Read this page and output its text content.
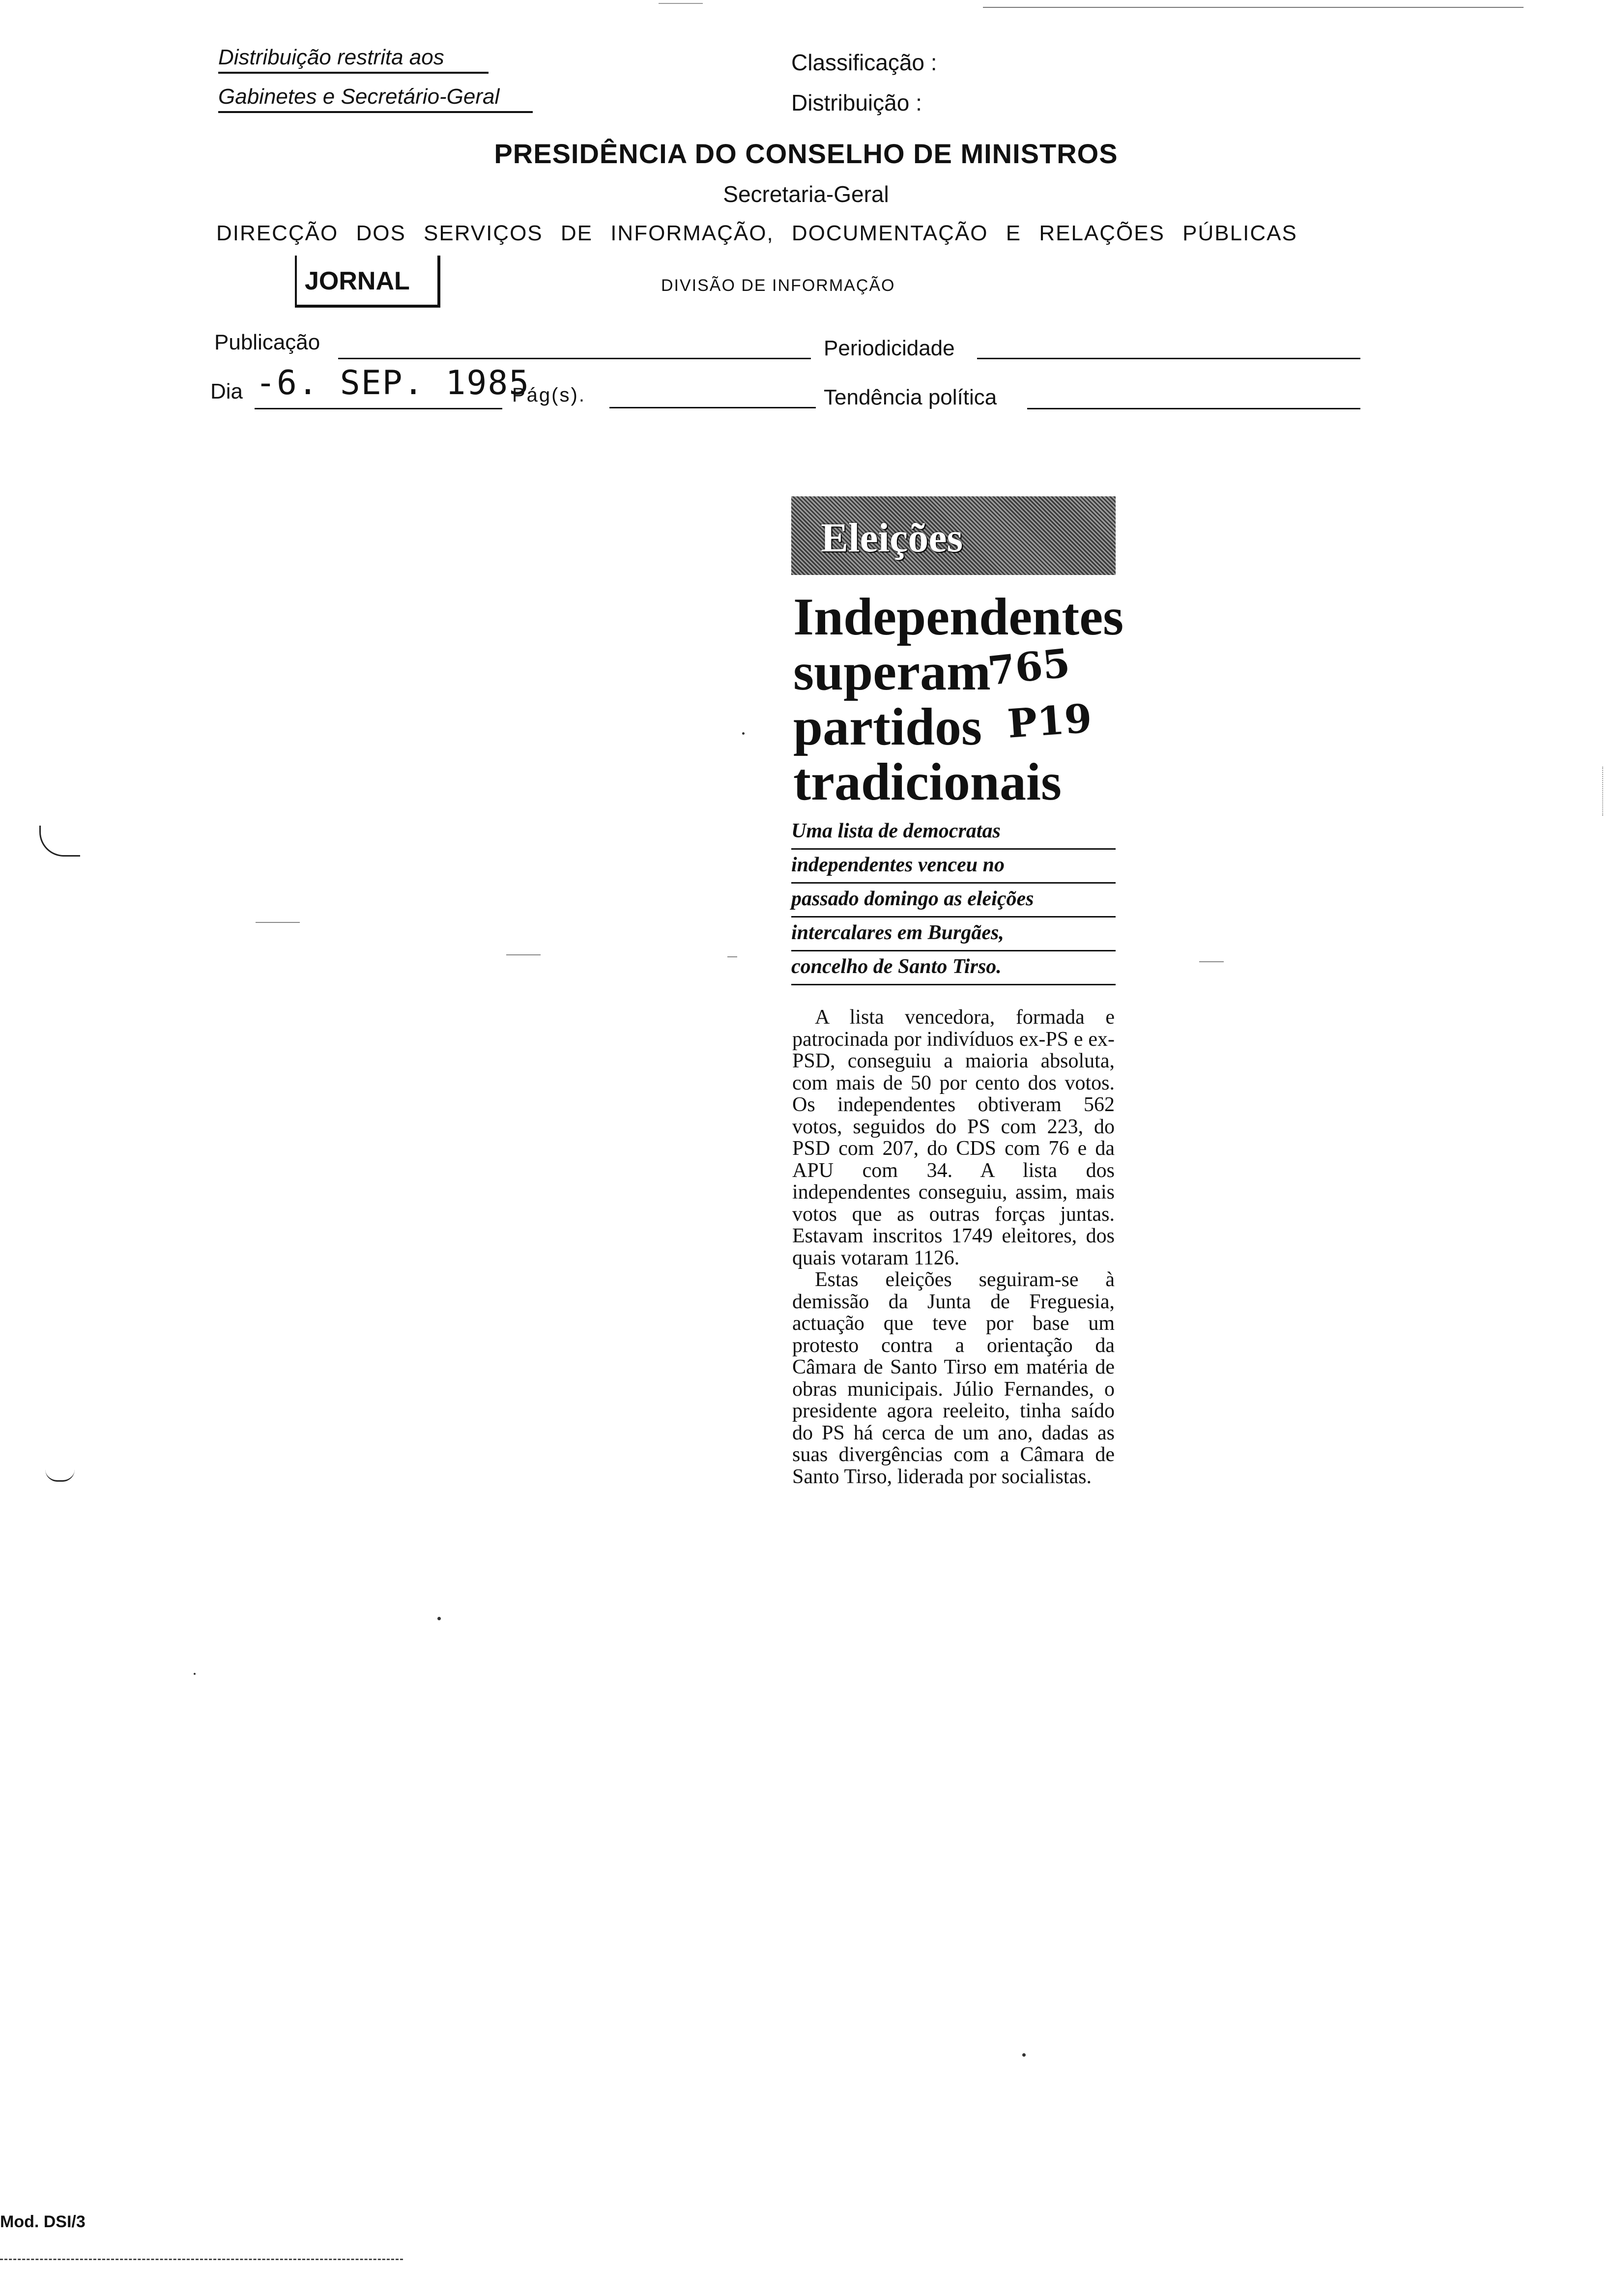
Distribuição restrita aos
Gabinetes e Secretário-Geral
Classificação :
Distribuição :
PRESIDÊNCIA DO CONSELHO DE MINISTROS
Secretaria-Geral
DIRECÇÃO DOS SERVIÇOS DE INFORMAÇÃO, DOCUMENTAÇÃO E RELAÇÕES PÚBLICAS
JORNAL	DIVISÃO DE INFORMAÇÃO
Publicação	Periodicidade
Dia -6. SEP. 1985
Pág(s).	Tendência política
Eleições
Independentes
superam
partidos
tradicionais
765
P19
Uma lista de democratas
independentes venceu no
passado domingo as eleições
intercalares em Burgães,
concelho de Santo Tirso.

A lista vencedora, formada e patrocinada por indivíduos ex-PS e ex-PSD, conseguiu a maioria absoluta, com mais de 50 por cento dos votos. Os independentes obtiveram 562 votos, seguidos do PS com 223, do PSD com 207, do CDS com 76 e da APU com 34. A lista dos independentes conseguiu, assim, mais votos que as outras forças juntas. Estavam inscritos 1749 eleitores, dos quais votaram 1126.

Estas eleições seguiram-se à demissão da Junta de Freguesia, actuação que teve por base um protesto contra a orientação da Câmara de Santo Tirso em matéria de obras municipais. Júlio Fernandes, o presidente agora reeleito, tinha saído do PS há cerca de um ano, dadas as suas divergências com a Câmara de Santo Tirso, liderada por socialistas.

Mod. DSI/3
